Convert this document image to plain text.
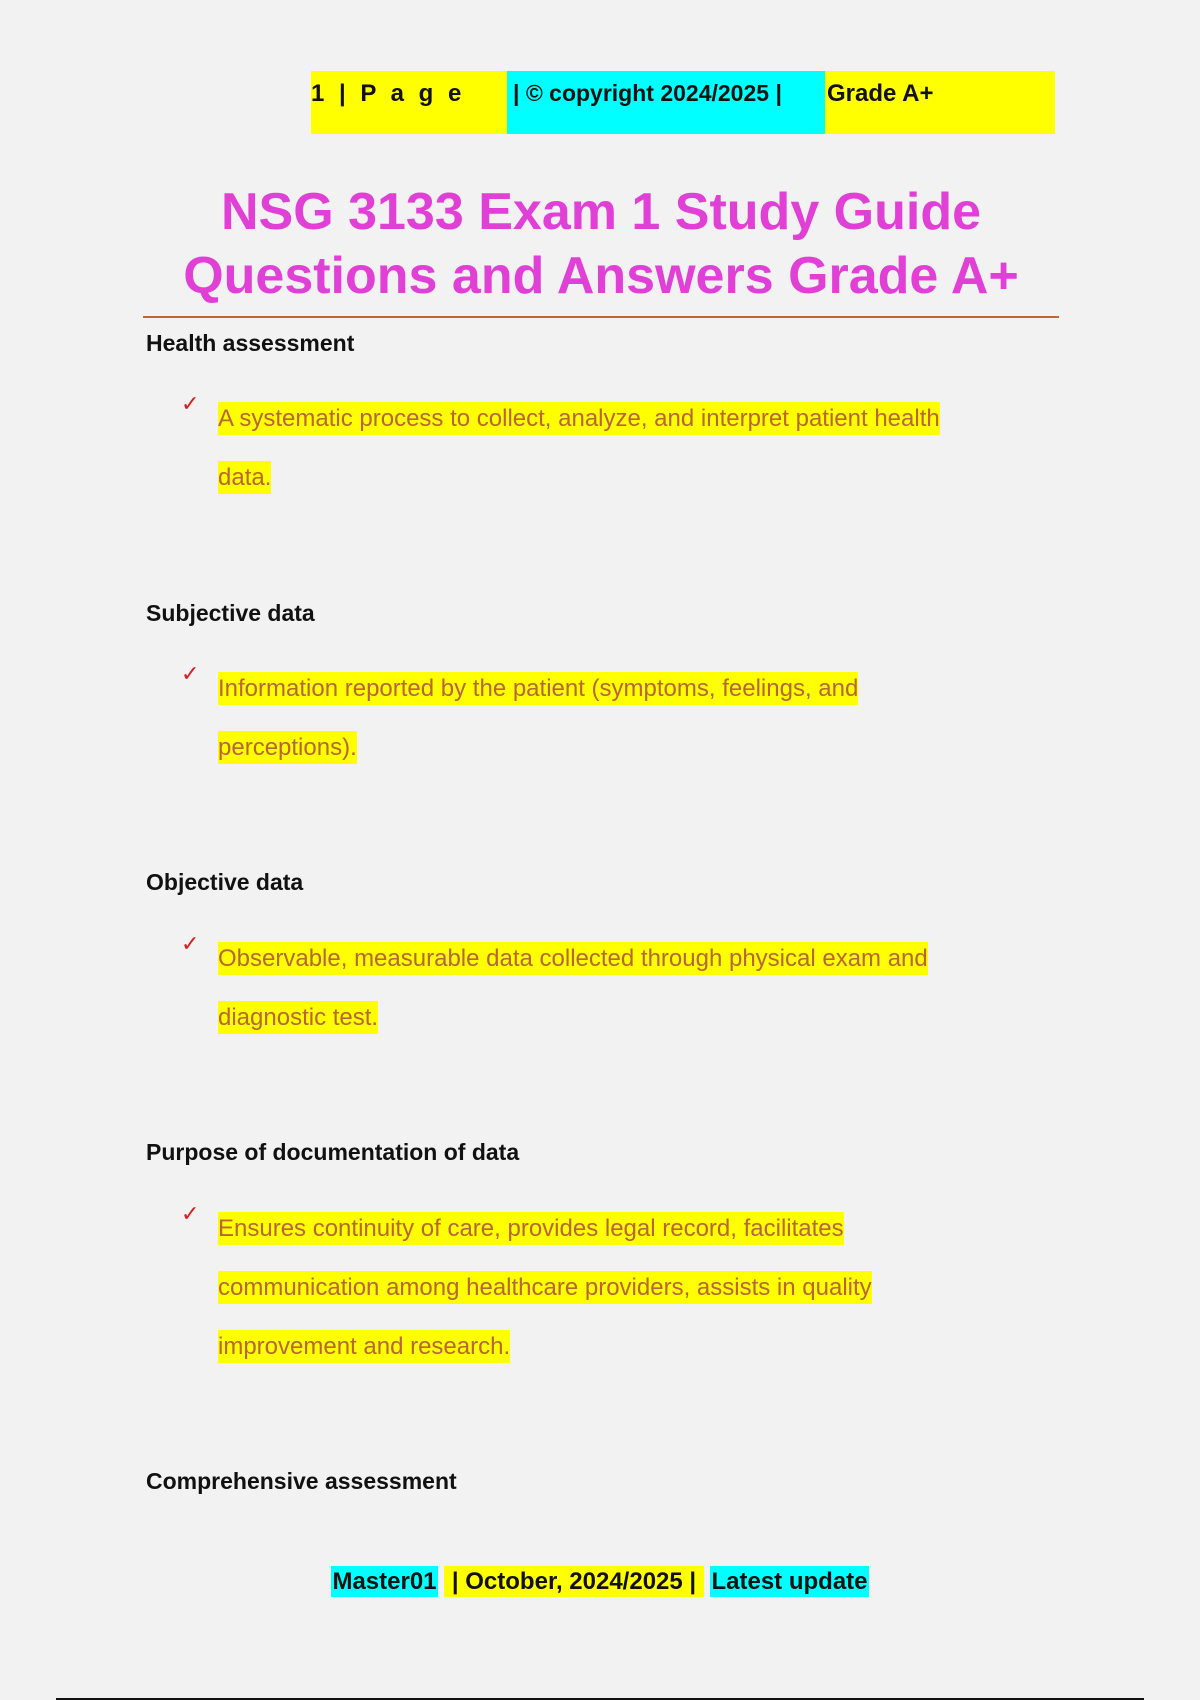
1 | P a g e	| © copyright 2024/2025 |	Grade A+
NSG 3133 Exam 1 Study Guide
Questions and Answers Grade A+
Health assessment
✓

A systematic process to collect, analyze, and interpret patient health
data.

Subjective data
✓

Information reported by the patient (symptoms, feelings, and
perceptions).

Objective data
✓

Observable, measurable data collected through physical exam and
diagnostic test.

Purpose of documentation of data
✓

Ensures continuity of care, provides legal record, facilitates
communication among healthcare providers, assists in quality
improvement and research.

Comprehensive assessment
Master01 | October, 2024/2025 | Latest update
